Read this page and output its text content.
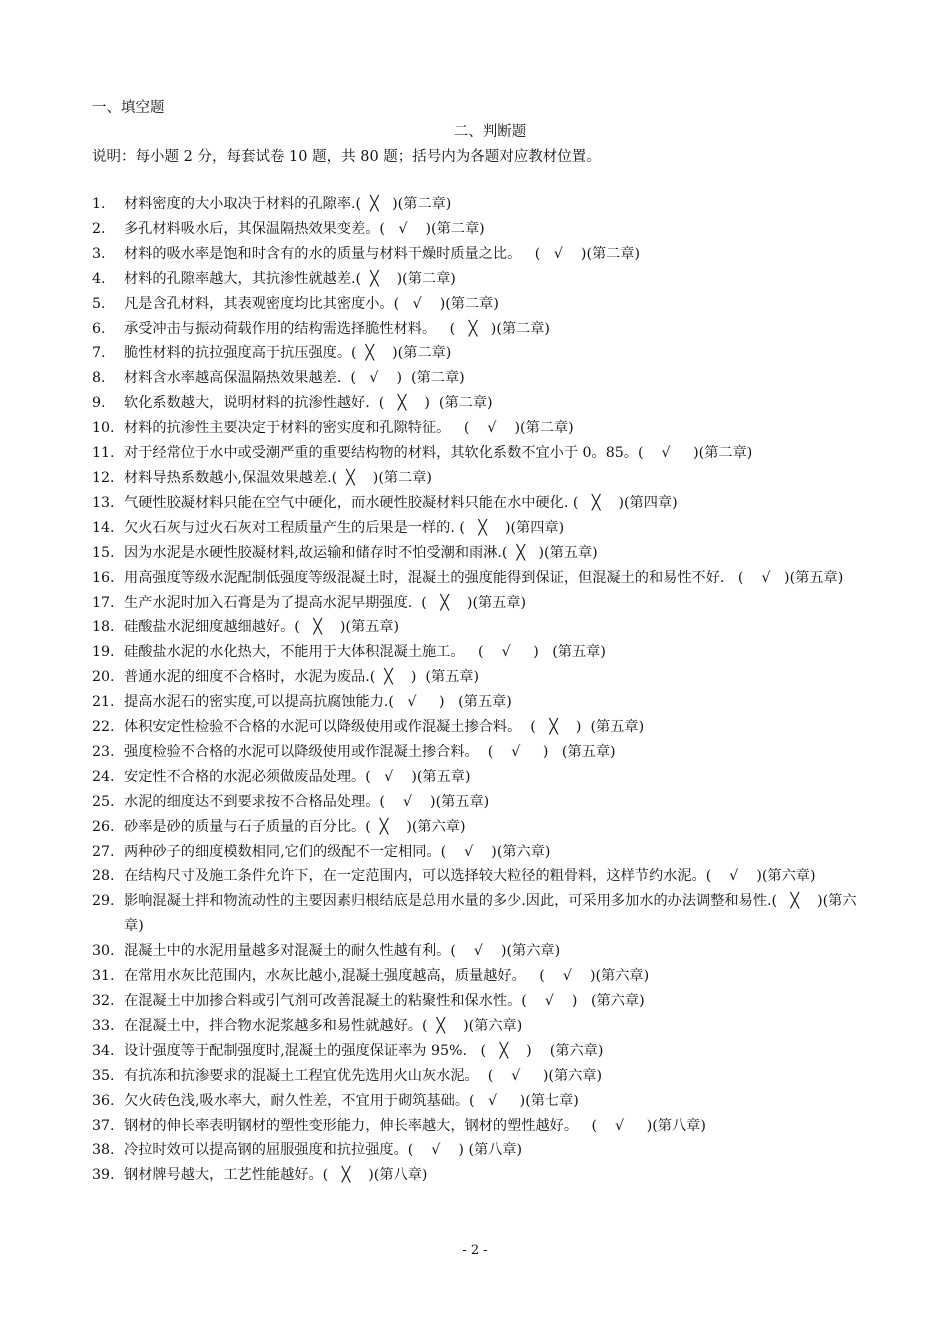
一、填空题
二、判断题
说明：每小题 2 分，每套试卷 10 题，共 80 题；括号内为各题对应教材位置。
1. 材料密度的大小取决于材料的孔隙率.(  ╳   )(第二章)
2. 多孔材料吸水后，其保温隔热效果变差。(   √    )(第二章)
3. 材料的吸水率是饱和时含有的水的质量与材料干燥时质量之比。   (   √    )(第二章)
4. 材料的孔隙率越大，其抗渗性就越差.(  ╳    )(第二章)
5. 凡是含孔材料，其表观密度均比其密度小。(   √    )(第二章)
6. 承受冲击与振动荷载作用的结构需选择脆性材料。   (   ╳   )(第二章)
7. 脆性材料的抗拉强度高于抗压强度。(  ╳    )(第二章)
8. 材料含水率越高保温隔热效果越差.  (   √    )  (第二章)
9. 软化系数越大，说明材料的抗渗性越好.  (   ╳    )  (第二章)
10. 材料的抗渗性主要决定于材料的密实度和孔隙特征。   (    √    )(第二章)
11. 对于经常位于水中或受潮严重的重要结构物的材料，其软化系数不宜小于 0。85。(    √     )(第二章)
12. 材料导热系数越小,保温效果越差.(  ╳    )(第二章)
13. 气硬性胶凝材料只能在空气中硬化，而水硬性胶凝材料只能在水中硬化. (   ╳    )(第四章)
14. 欠火石灰与过火石灰对工程质量产生的后果是一样的. (   ╳    )(第四章)
15. 因为水泥是水硬性胶凝材料,故运输和储存时不怕受潮和雨淋.(  ╳   )(第五章)
16. 用高强度等级水泥配制低强度等级混凝土时，混凝土的强度能得到保证，但混凝土的和易性不好.   (    √   )(第五章)
17. 生产水泥时加入石膏是为了提高水泥早期强度.  (   ╳    )(第五章)
18. 硅酸盐水泥细度越细越好。(   ╳    )(第五章)
19. 硅酸盐水泥的水化热大，不能用于大体积混凝土施工。   (    √     )   (第五章)
20. 普通水泥的细度不合格时，水泥为废品.(  ╳    )  (第五章)
21. 提高水泥石的密实度,可以提高抗腐蚀能力.(   √     )   (第五章)
22. 体积安定性检验不合格的水泥可以降级使用或作混凝土掺合料。  (   ╳    )  (第五章)
23. 强度检验不合格的水泥可以降级使用或作混凝土掺合料。  (    √     )   (第五章)
24. 安定性不合格的水泥必须做废品处理。(   √    )(第五章)
25. 水泥的细度达不到要求按不合格品处理。(    √    )(第五章)
26. 砂率是砂的质量与石子质量的百分比。(  ╳    )(第六章)
27. 两种砂子的细度模数相同,它们的级配不一定相同。(    √    )(第六章)
28. 在结构尺寸及施工条件允许下，在一定范围内，可以选择较大粒径的粗骨料，这样节约水泥。(    √    )(第六章)
29. 影响混凝土拌和物流动性的主要因素归根结底是总用水量的多少.因此，可采用多加水的办法调整和易性.(   ╳    )(第六章)
30. 混凝土中的水泥用量越多对混凝土的耐久性越有利。(    √    )(第六章)
31. 在常用水灰比范围内，水灰比越小,混凝土强度越高，质量越好。   (    √    )(第六章)
32. 在混凝土中加掺合料或引气剂可改善混凝土的粘聚性和保水性。(    √    )   (第六章)
33. 在混凝土中，拌合物水泥浆越多和易性就越好。(  ╳    )(第六章)
34. 设计强度等于配制强度时,混凝土的强度保证率为 95%.   (   ╳    )    (第六章)
35. 有抗冻和抗渗要求的混凝土工程宜优先选用火山灰水泥。  (    √     )(第六章)
36. 欠火砖色浅,吸水率大，耐久性差，不宜用于砌筑基础。(   √     )(第七章)
37. 钢材的伸长率表明钢材的塑性变形能力，伸长率越大，钢材的塑性越好。   (    √     )(第八章)
38. 冷拉时效可以提高钢的屈服强度和抗拉强度。(    √    ) (第八章)
39. 钢材牌号越大，工艺性能越好。(   ╳    )(第八章)
- 2 -
